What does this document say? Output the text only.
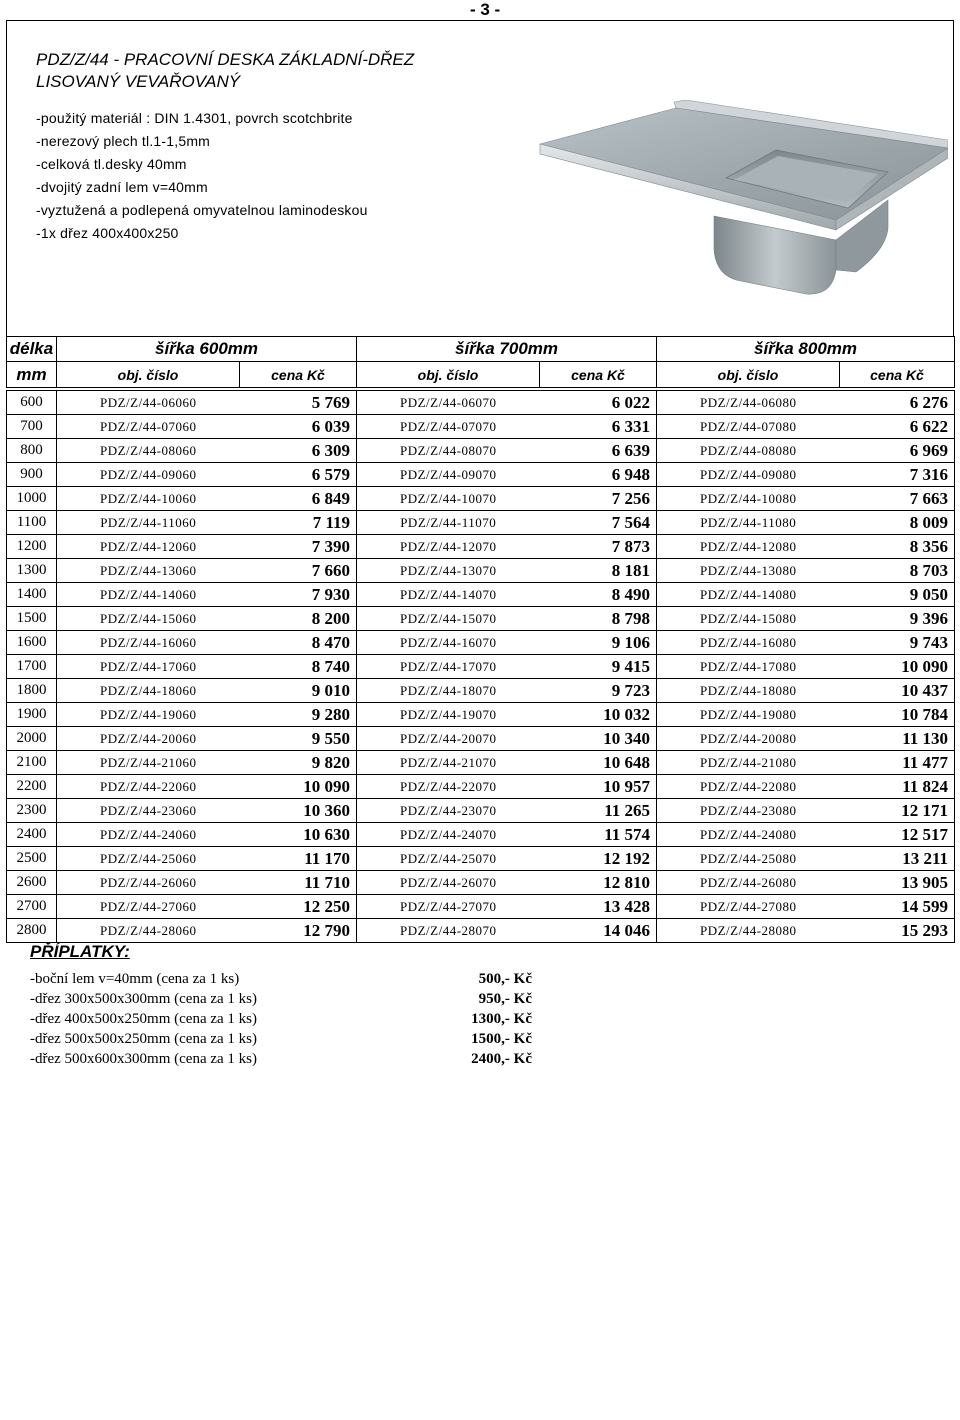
- 3 -
PDZ/Z/44 - PRACOVNÍ DESKA ZÁKLADNÍ-DŘEZ
LISOVANÝ VEVAŘOVANÝ
-použitý materiál : DIN 1.4301, povrch scotchbrite
-nerezový plech tl.1-1,5mm
-celková tl.desky 40mm
-dvojitý zadní lem v=40mm
-vyztužená a podlepená omyvatelnou laminodeskou
-1x dřez 400x400x250
délka	šířka 600mm		šířka 700mm		šířka 800mm	
mm	obj. číslo	cena Kč	obj. číslo	cena Kč	obj. číslo	cena Kč

600	PDZ/Z/44-06060	5 769	PDZ/Z/44-06070	6 022	PDZ/Z/44-06080	6 276
700	PDZ/Z/44-07060	6 039	PDZ/Z/44-07070	6 331	PDZ/Z/44-07080	6 622
800	PDZ/Z/44-08060	6 309	PDZ/Z/44-08070	6 639	PDZ/Z/44-08080	6 969
900	PDZ/Z/44-09060	6 579	PDZ/Z/44-09070	6 948	PDZ/Z/44-09080	7 316
1000	PDZ/Z/44-10060	6 849	PDZ/Z/44-10070	7 256	PDZ/Z/44-10080	7 663
1100	PDZ/Z/44-11060	7 119	PDZ/Z/44-11070	7 564	PDZ/Z/44-11080	8 009
1200	PDZ/Z/44-12060	7 390	PDZ/Z/44-12070	7 873	PDZ/Z/44-12080	8 356
1300	PDZ/Z/44-13060	7 660	PDZ/Z/44-13070	8 181	PDZ/Z/44-13080	8 703
1400	PDZ/Z/44-14060	7 930	PDZ/Z/44-14070	8 490	PDZ/Z/44-14080	9 050
1500	PDZ/Z/44-15060	8 200	PDZ/Z/44-15070	8 798	PDZ/Z/44-15080	9 396
1600	PDZ/Z/44-16060	8 470	PDZ/Z/44-16070	9 106	PDZ/Z/44-16080	9 743
1700	PDZ/Z/44-17060	8 740	PDZ/Z/44-17070	9 415	PDZ/Z/44-17080	10 090
1800	PDZ/Z/44-18060	9 010	PDZ/Z/44-18070	9 723	PDZ/Z/44-18080	10 437
1900	PDZ/Z/44-19060	9 280	PDZ/Z/44-19070	10 032	PDZ/Z/44-19080	10 784
2000	PDZ/Z/44-20060	9 550	PDZ/Z/44-20070	10 340	PDZ/Z/44-20080	11 130
2100	PDZ/Z/44-21060	9 820	PDZ/Z/44-21070	10 648	PDZ/Z/44-21080	11 477
2200	PDZ/Z/44-22060	10 090	PDZ/Z/44-22070	10 957	PDZ/Z/44-22080	11 824
2300	PDZ/Z/44-23060	10 360	PDZ/Z/44-23070	11 265	PDZ/Z/44-23080	12 171
2400	PDZ/Z/44-24060	10 630	PDZ/Z/44-24070	11 574	PDZ/Z/44-24080	12 517
2500	PDZ/Z/44-25060	11 170	PDZ/Z/44-25070	12 192	PDZ/Z/44-25080	13 211
2600	PDZ/Z/44-26060	11 710	PDZ/Z/44-26070	12 810	PDZ/Z/44-26080	13 905
2700	PDZ/Z/44-27060	12 250	PDZ/Z/44-27070	13 428	PDZ/Z/44-27080	14 599
2800	PDZ/Z/44-28060	12 790	PDZ/Z/44-28070	14 046	PDZ/Z/44-28080	15 293
PŘÍPLATKY:
-boční lem v=40mm (cena za 1 ks)	500,- Kč
-dřez 300x500x300mm (cena za 1 ks)	950,- Kč
-dřez 400x500x250mm (cena za 1 ks)	1300,- Kč
-dřez 500x500x250mm (cena za 1 ks)	1500,- Kč
-dřez 500x600x300mm (cena za 1 ks)	2400,- Kč
